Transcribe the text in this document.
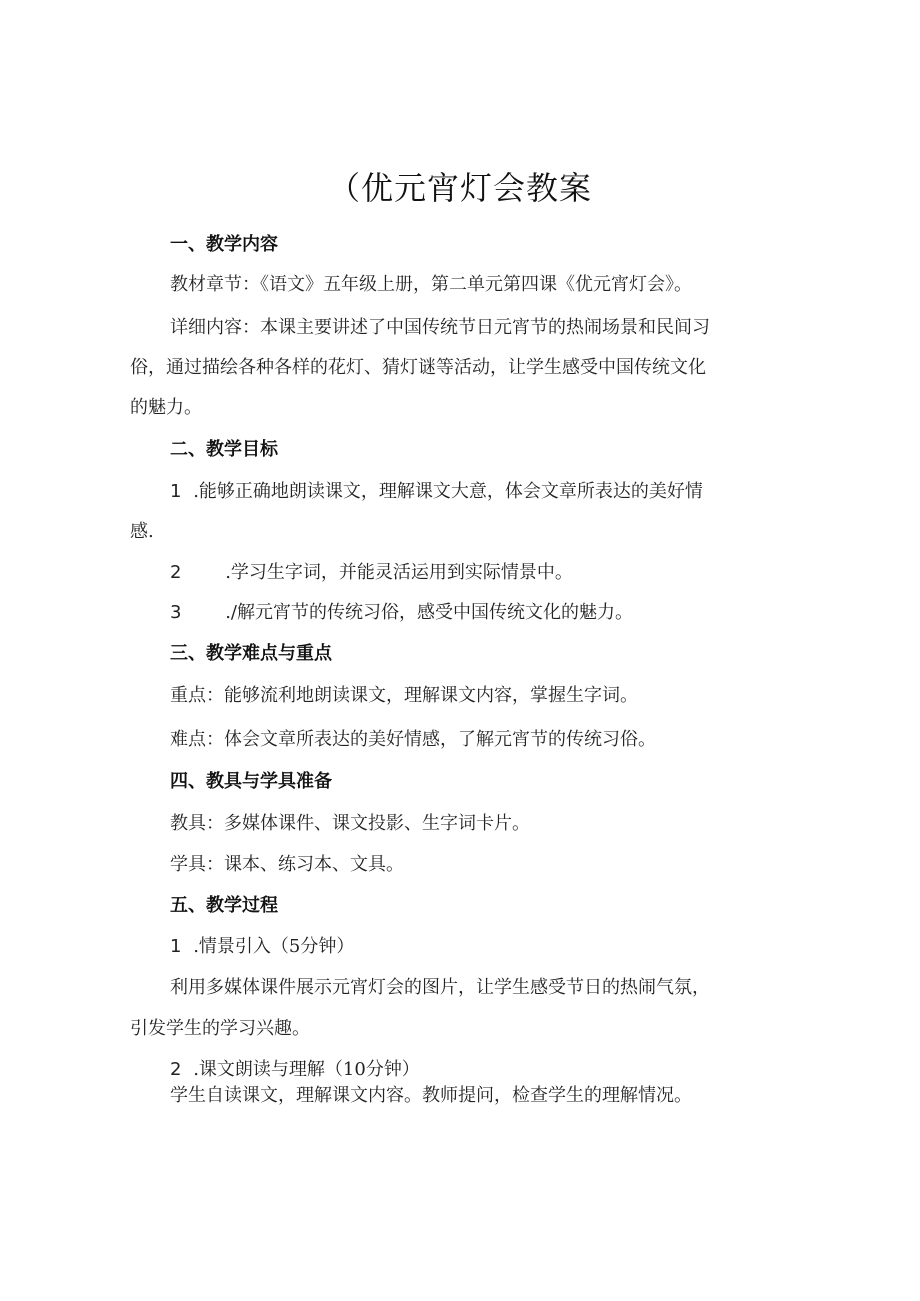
（优元宵灯会教案
一、教学内容
教材章节：《语文》五年级上册，第二单元第四课《优元宵灯会》。
详细内容：本课主要讲述了中国传统节日元宵节的热闹场景和民间习
俗，通过描绘各种各样的花灯、猜灯谜等活动，让学生感受中国传统文化
的魅力。
二、教学目标
1 .能够正确地朗读课文，理解课文大意，体会文章所表达的美好情
感.
2 .学习生字词，并能灵活运用到实际情景中。
3 ./解元宵节的传统习俗，感受中国传统文化的魅力。
三、教学难点与重点
重点：能够流利地朗读课文，理解课文内容，掌握生字词。
难点：体会文章所表达的美好情感，了解元宵节的传统习俗。
四、教具与学具准备
教具：多媒体课件、课文投影、生字词卡片。
学具：课本、练习本、文具。
五、教学过程
1 .情景引入（5分钟）
利用多媒体课件展示元宵灯会的图片，让学生感受节日的热闹气氛，
引发学生的学习兴趣。
2 .课文朗读与理解（10分钟）
学生自读课文，理解课文内容。教师提问，检查学生的理解情况。
